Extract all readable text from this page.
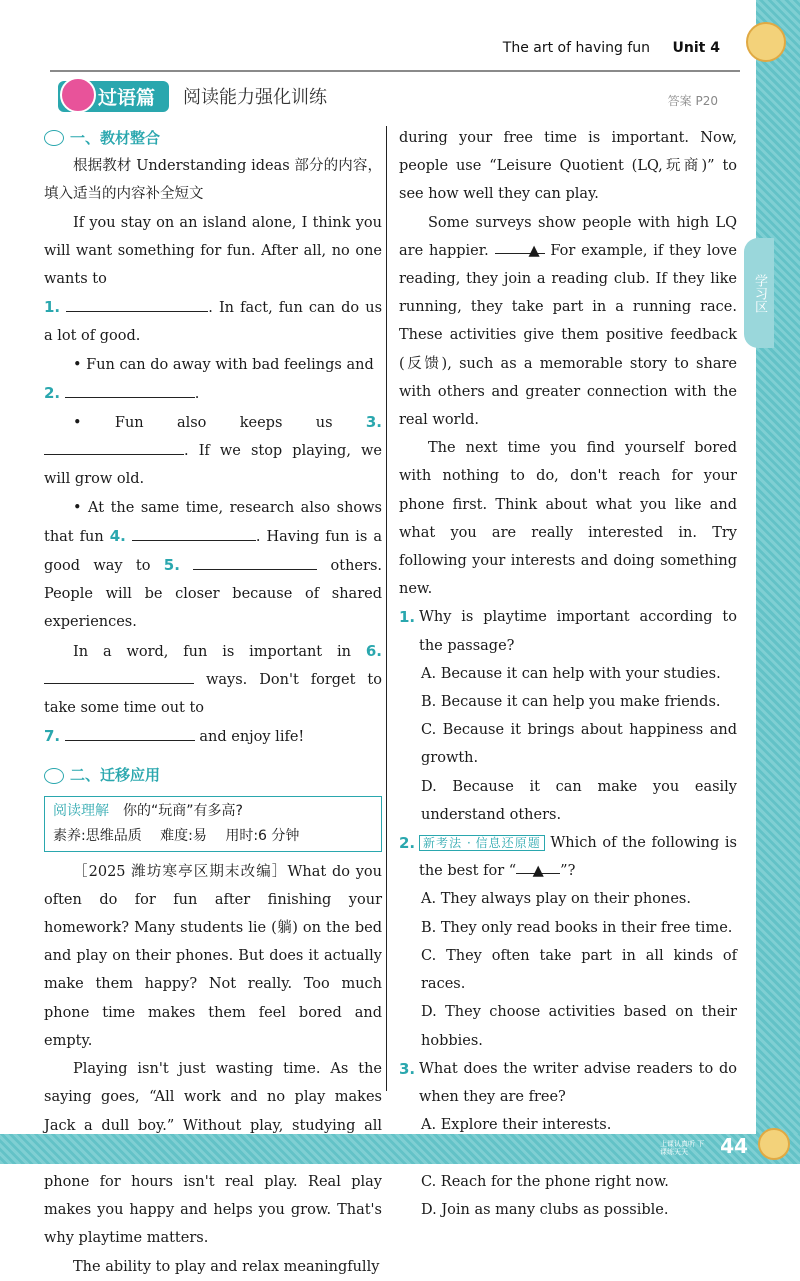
学习区
The art of having fun Unit 4
过语篇	阅读能力强化训练	答案 P20
一、教材整合

根据教材 Understanding ideas 部分的内容，填入适当的内容补全短文

If you stay on an island alone, I think you will want something for fun. After all, no one wants to
1.	. In fact, fun can do us a lot of good.

• Fun can do away with bad feelings and
2.	.

• Fun also keeps us 3. . If we stop playing, we will grow old.

• At the same time, research also shows that fun 4.	. Having fun is a good way to 5.	others. People will be closer because of shared experiences.

In a word, fun is important in 6.  ways. Don't forget to take some time out to
7.	and enjoy life!

二、迁移应用
阅读理解　 你的“玩商”有多高?
素养:思维品质　 难度:易　 用时:6 分钟

［2025 潍坊寒亭区期末改编］What do you often do for fun after finishing your homework? Many students lie (躺) on the bed and play on their phones. But does it actually make them happy? Not really. Too much phone time makes them feel bored and empty.

Playing isn't just wasting time. As the saying goes, “All work and no play makes Jack a dull boy.” Without play, studying all phone for hours isn't real play. Real play makes you happy and helps you grow. That's why playtime matters.

The ability to play and relax meaningfully

during your free time is important. Now, people use “Leisure Quotient (LQ,玩商)” to see how well they can play.

Some surveys show people with high LQ are happier.	▲ For example, if they love reading, they join a reading club. If they like running, they take part in a running race. These activities give them positive feedback (反馈), such as a memorable story to share with others and greater connection with the real world.

The next time you find yourself bored with nothing to do, don't reach for your phone first. Think about what you like and what you are really interested in. Try following your interests and doing something new.

1. Why is playtime important according to the passage?
A. Because it can help with your studies.
B. Because it can help you make friends.
C. Because it brings about happiness and growth.
D. Because it can make you easily understand others.
2. 新考法 · 信息还原题 Which of the following is the best for “ ▲ ”?
A. They always play on their phones.
B. They only read books in their free time.
C. They often take part in all kinds of races.
D. They choose activities based on their hobbies.
3. What does the writer advise readers to do when they are free?
A. Explore their interests.
C. Reach for the phone right now.
D. Join as many clubs as possible.
上课认真听 下课练天天	44
